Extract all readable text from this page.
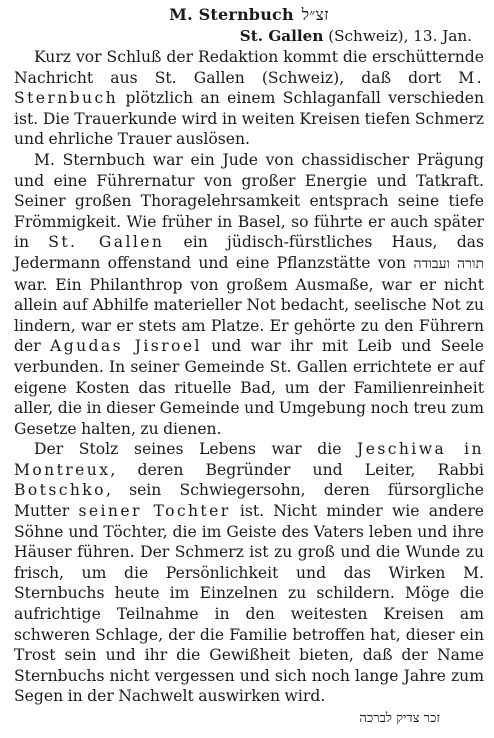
M. Sternbuch זצ״ל
St. Gallen (Schweiz), 13. Jan.

Kurz vor Schluß der Redaktion kommt die erschütternde Nachricht aus St. Gallen (Schweiz), daß dort M. Sternbuch plötzlich an einem Schlaganfall verschieden ist. Die Trauerkunde wird in weiten Kreisen tiefen Schmerz und ehrliche Trauer auslösen.

M. Sternbuch war ein Jude von chassidischer Prägung und eine Führernatur von großer Energie und Tatkraft. Seiner großen Thoragelehrsamkeit entsprach seine tiefe Frömmigkeit. Wie früher in Basel, so führte er auch später in St. Gallen ein jüdisch-fürstliches Haus, das Jedermann offenstand und eine Pflanzstätte von תורה ועבודה war. Ein Philanthrop von großem Ausmaße, war er nicht allein auf Abhilfe materieller Not bedacht, seelische Not zu lindern, war er stets am Platze. Er gehörte zu den Führern der Agudas Jisroel und war ihr mit Leib und Seele verbunden. In seiner Gemeinde St. Gallen errichtete er auf eigene Kosten das rituelle Bad, um der Familienreinheit aller, die in dieser Gemeinde und Umgebung noch treu zum Gesetze halten, zu dienen.

Der Stolz seines Lebens war die Jeschiwa in Montreux, deren Begründer und Leiter, Rabbi Botschko, sein Schwiegersohn, deren fürsorgliche Mutter seiner Tochter ist. Nicht minder wie andere Söhne und Töchter, die im Geiste des Vaters leben und ihre Häuser führen. Der Schmerz ist zu groß und die Wunde zu frisch, um die Persönlichkeit und das Wirken M. Sternbuchs heute im Einzelnen zu schildern. Möge die aufrichtige Teilnahme in den weitesten Kreisen am schweren Schlage, der die Familie betroffen hat, dieser ein Trost sein und ihr die Gewißheit bieten, daß der Name Sternbuchs nicht vergessen und sich noch lange Jahre zum Segen in der Nachwelt auswirken wird.

זכר צדיק לברכה
